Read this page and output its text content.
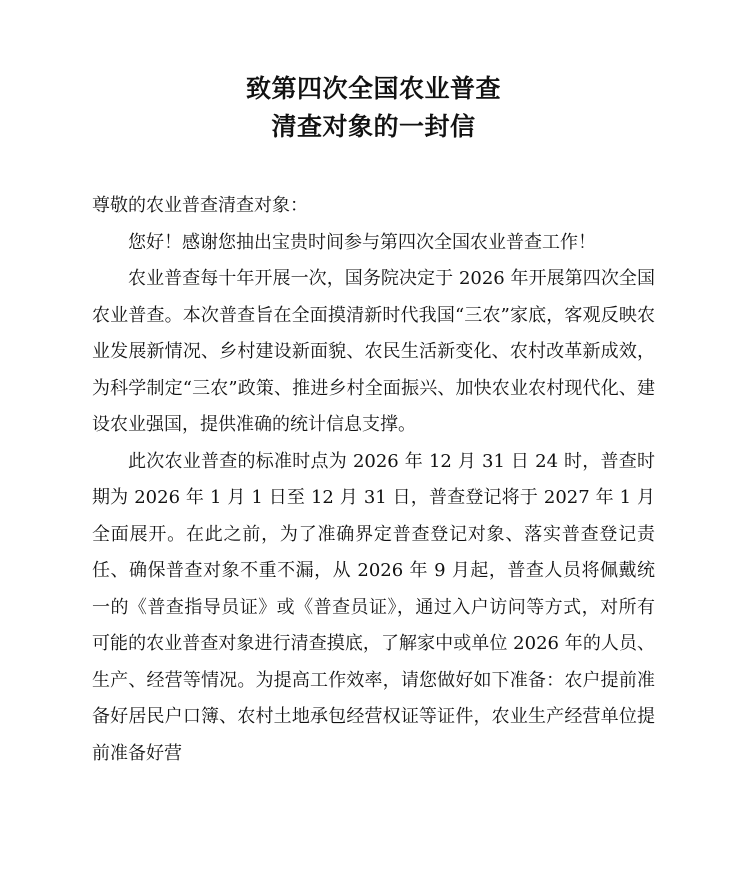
致第四次全国农业普查
清查对象的一封信

尊敬的农业普查清查对象：

您好！感谢您抽出宝贵时间参与第四次全国农业普查工作！

农业普查每十年开展一次，国务院决定于 2026 年开展第四次全国农业普查。本次普查旨在全面摸清新时代我国“三农”家底，客观反映农业发展新情况、乡村建设新面貌、农民生活新变化、农村改革新成效，为科学制定“三农”政策、推进乡村全面振兴、加快农业农村现代化、建设农业强国，提供准确的统计信息支撑。

此次农业普查的标准时点为 2026 年 12 月 31 日 24 时，普查时期为 2026 年 1 月 1 日至 12 月 31 日，普查登记将于 2027 年 1 月全面展开。在此之前，为了准确界定普查登记对象、落实普查登记责任、确保普查对象不重不漏，从 2026 年 9 月起，普查人员将佩戴统一的《普查指导员证》或《普查员证》，通过入户访问等方式，对所有可能的农业普查对象进行清查摸底，了解家中或单位 2026 年的人员、生产、经营等情况。为提高工作效率，请您做好如下准备：农户提前准备好居民户口簿、农村土地承包经营权证等证件，农业生产经营单位提前准备好营
